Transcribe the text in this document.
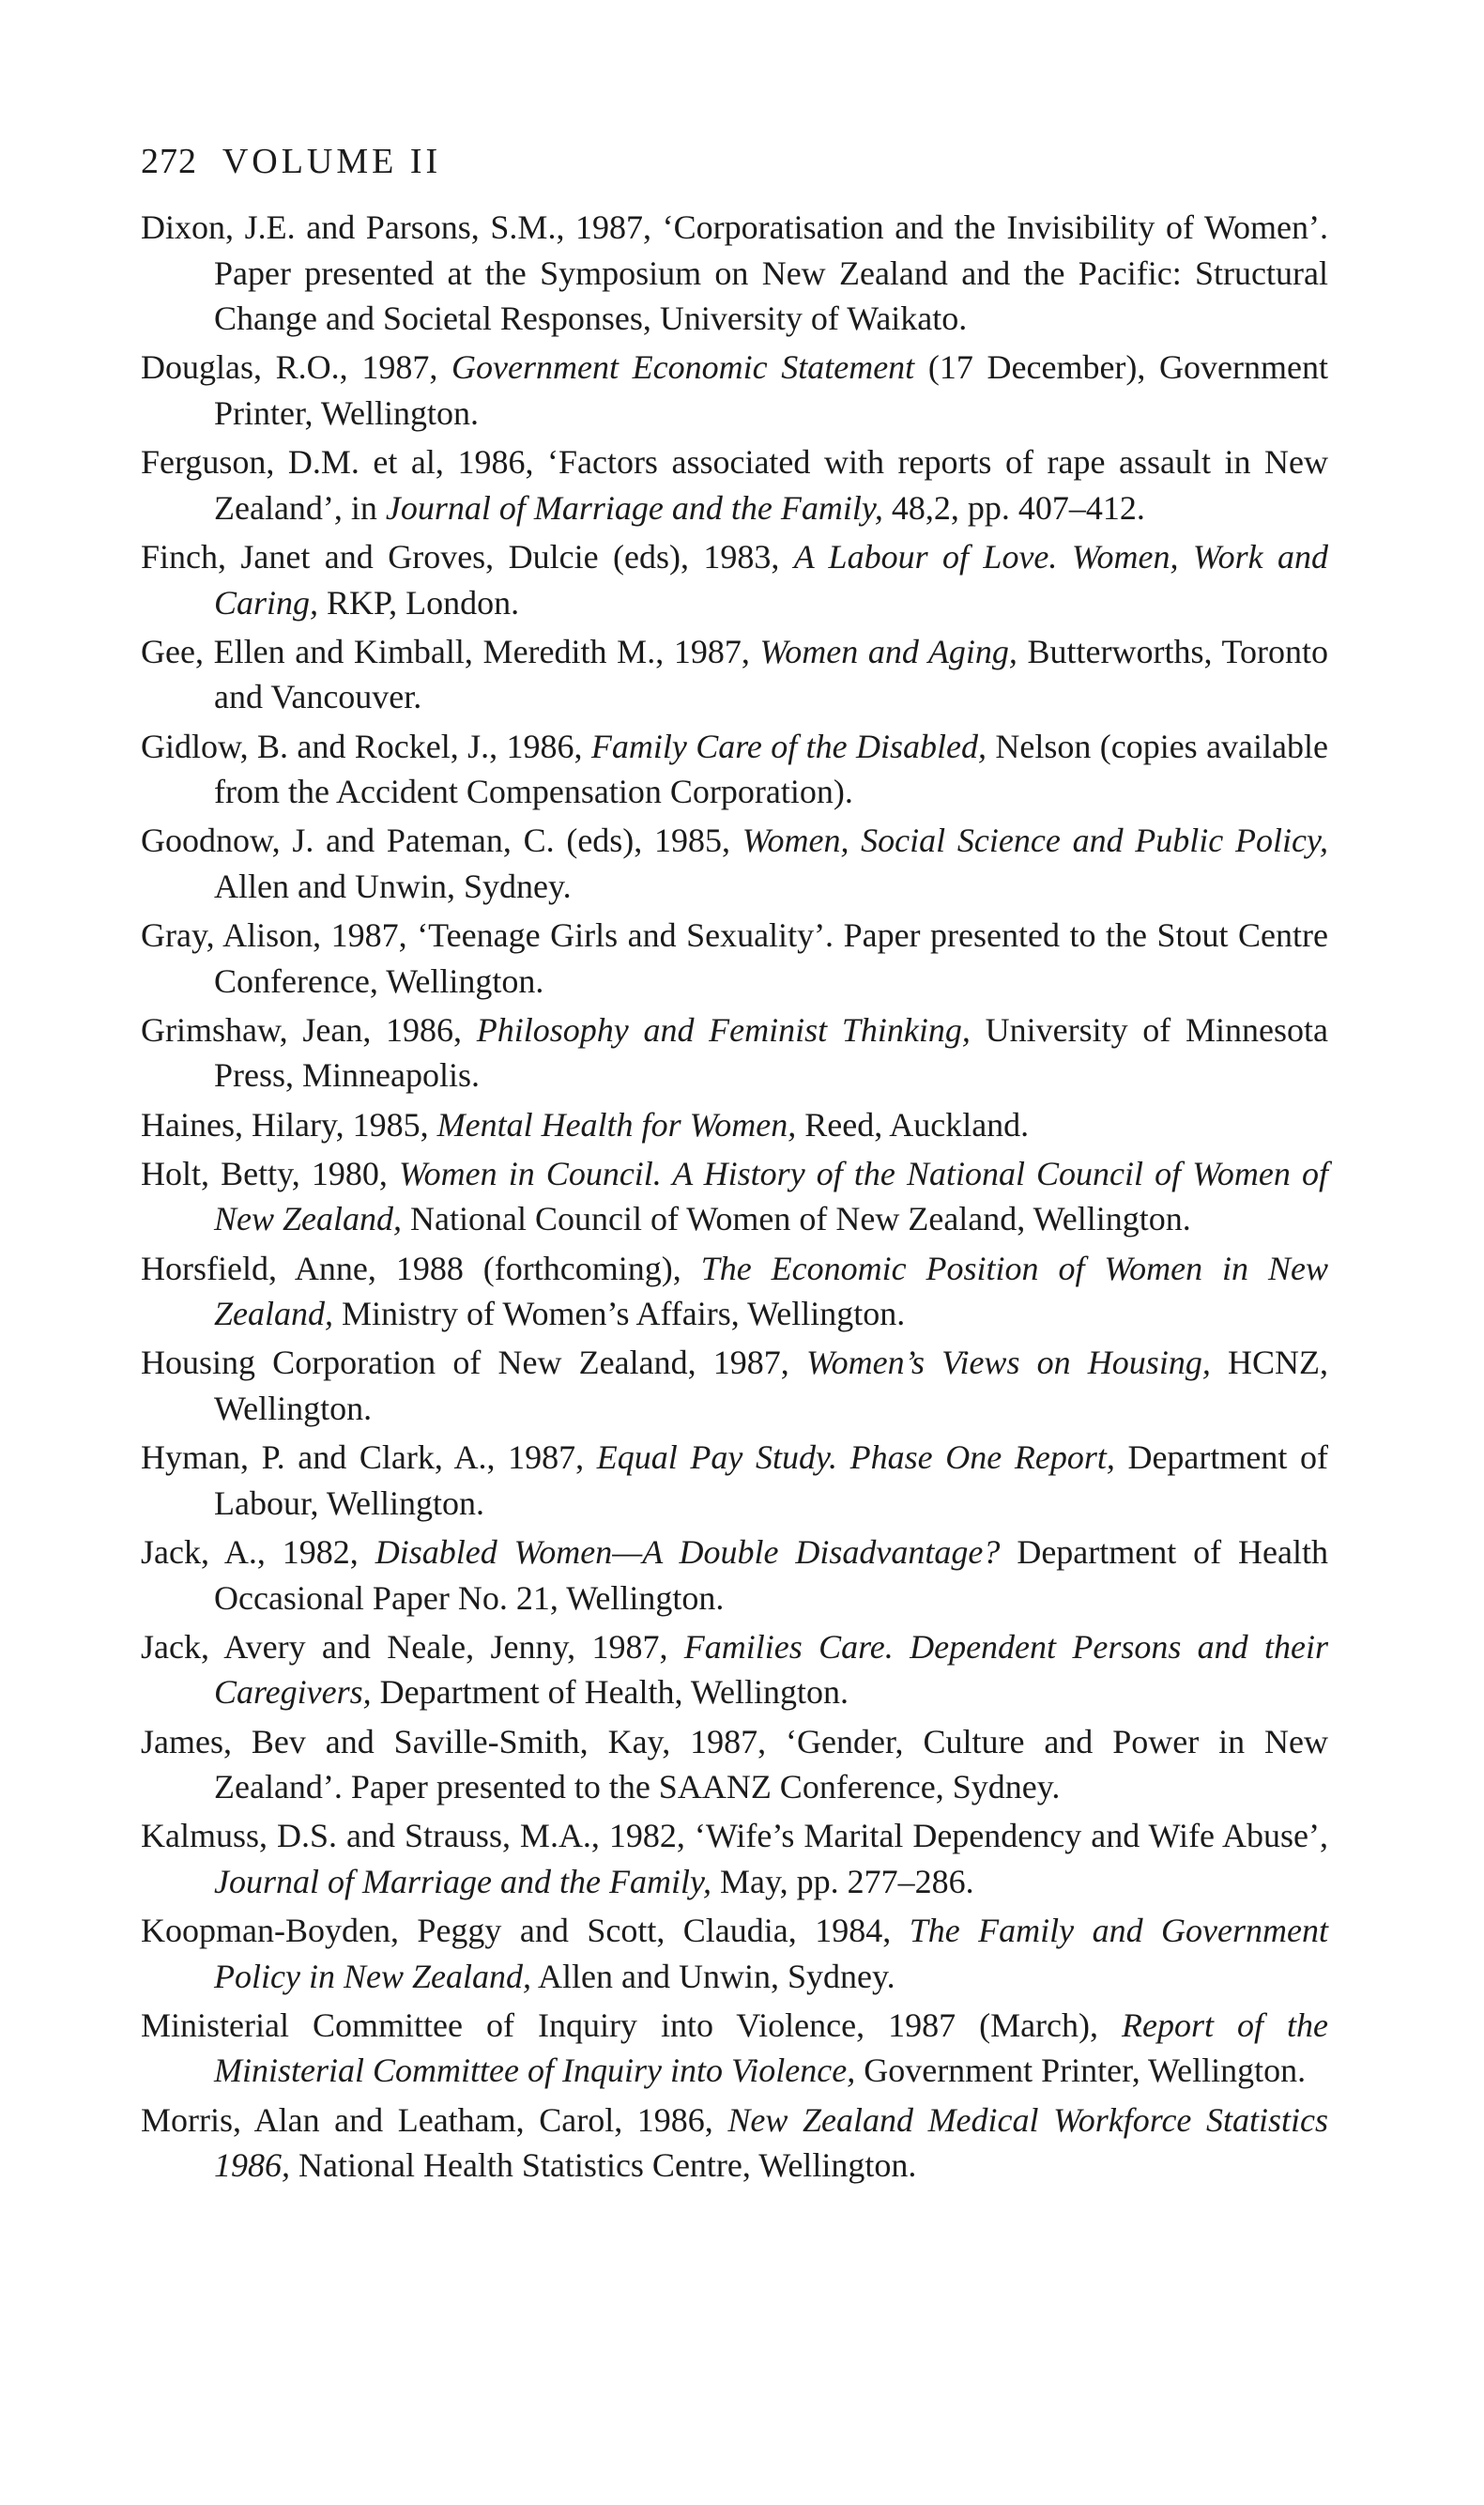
272 VOLUME II

Dixon, J.E. and Parsons, S.M., 1987, ‘Corporatisation and the Invisibility of Women’. Paper presented at the Symposium on New Zealand and the Pacific: Structural Change and Societal Responses, University of Waikato.

Douglas, R.O., 1987, Government Economic Statement (17 December), Government Printer, Wellington.

Ferguson, D.M. et al, 1986, ‘Factors associated with reports of rape assault in New Zealand’, in Journal of Marriage and the Family, 48,2, pp. 407–412.

Finch, Janet and Groves, Dulcie (eds), 1983, A Labour of Love. Women, Work and Caring, RKP, London.

Gee, Ellen and Kimball, Meredith M., 1987, Women and Aging, Butterworths, Toronto and Vancouver.

Gidlow, B. and Rockel, J., 1986, Family Care of the Disabled, Nelson (copies available from the Accident Compensation Corporation).

Goodnow, J. and Pateman, C. (eds), 1985, Women, Social Science and Public Policy, Allen and Unwin, Sydney.

Gray, Alison, 1987, ‘Teenage Girls and Sexuality’. Paper presented to the Stout Centre Conference, Wellington.

Grimshaw, Jean, 1986, Philosophy and Feminist Thinking, University of Minnesota Press, Minneapolis.

Haines, Hilary, 1985, Mental Health for Women, Reed, Auckland.

Holt, Betty, 1980, Women in Council. A History of the National Council of Women of New Zealand, National Council of Women of New Zealand, Wellington.

Horsfield, Anne, 1988 (forthcoming), The Economic Position of Women in New Zealand, Ministry of Women’s Affairs, Wellington.

Housing Corporation of New Zealand, 1987, Women’s Views on Housing, HCNZ, Wellington.

Hyman, P. and Clark, A., 1987, Equal Pay Study. Phase One Report, Department of Labour, Wellington.

Jack, A., 1982, Disabled Women—A Double Disadvantage? Department of Health Occasional Paper No. 21, Wellington.

Jack, Avery and Neale, Jenny, 1987, Families Care. Dependent Persons and their Caregivers, Department of Health, Wellington.

James, Bev and Saville-Smith, Kay, 1987, ‘Gender, Culture and Power in New Zealand’. Paper presented to the SAANZ Conference, Sydney.

Kalmuss, D.S. and Strauss, M.A., 1982, ‘Wife’s Marital Dependency and Wife Abuse’, Journal of Marriage and the Family, May, pp. 277–286.

Koopman-Boyden, Peggy and Scott, Claudia, 1984, The Family and Government Policy in New Zealand, Allen and Unwin, Sydney.

Ministerial Committee of Inquiry into Violence, 1987 (March), Report of the Ministerial Committee of Inquiry into Violence, Government Printer, Wellington.

Morris, Alan and Leatham, Carol, 1986, New Zealand Medical Workforce Statistics 1986, National Health Statistics Centre, Wellington.
